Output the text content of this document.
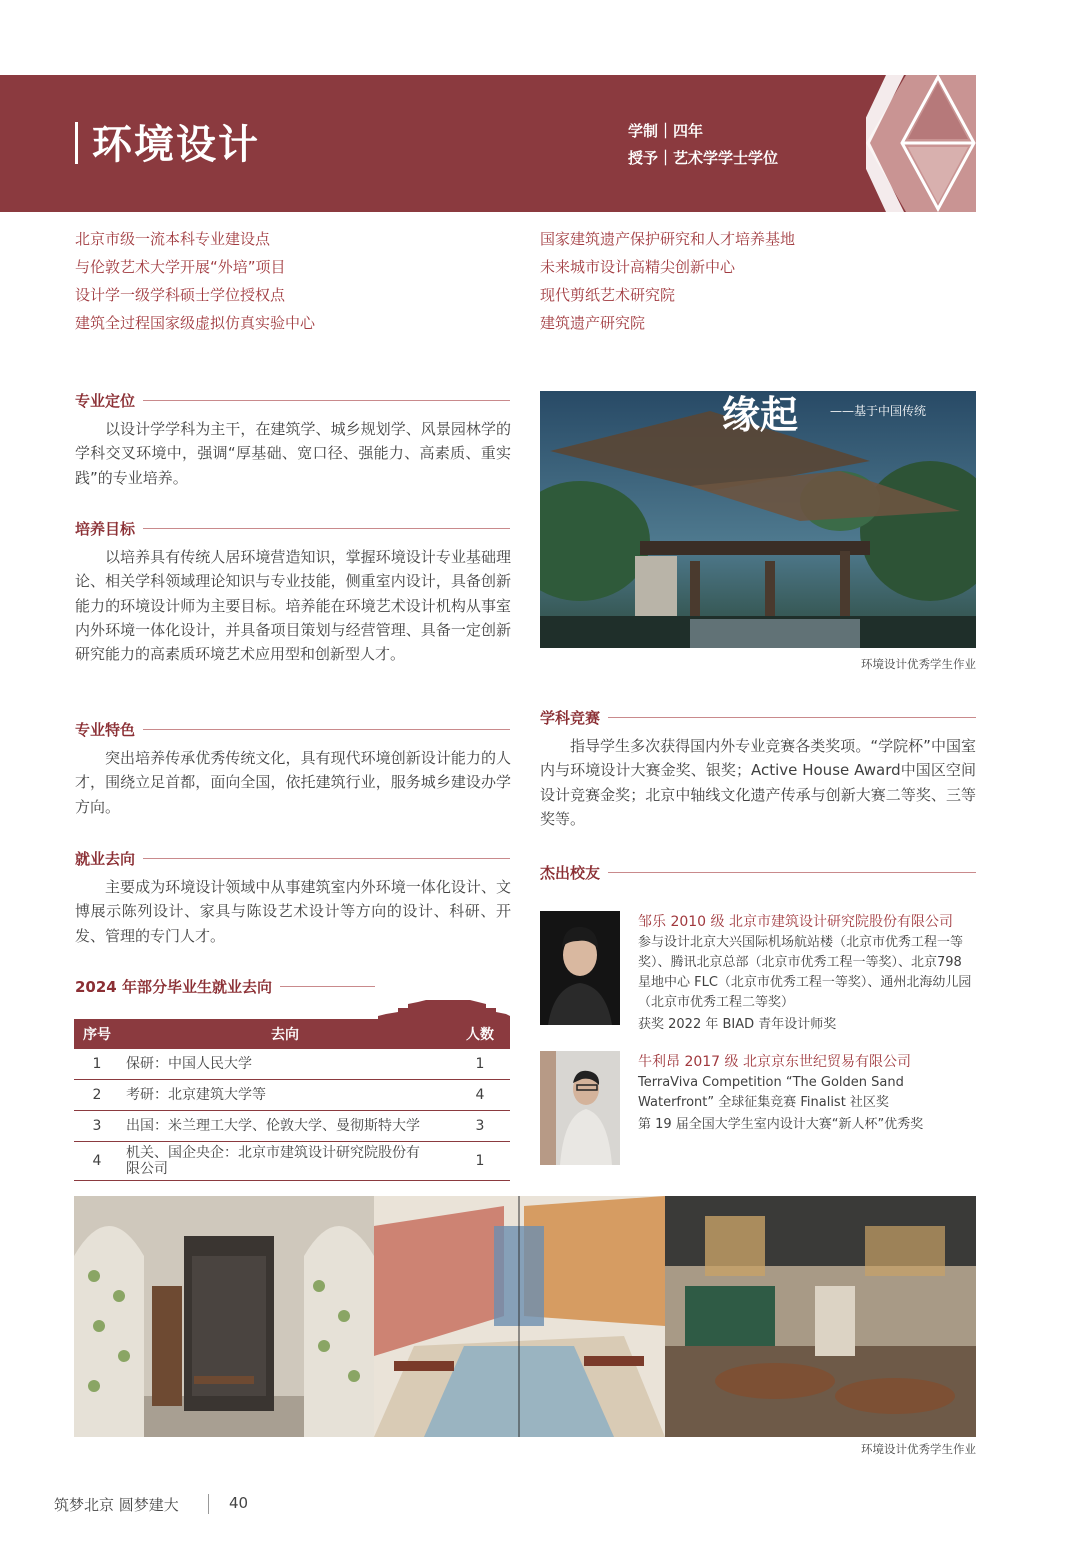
环境设计	学制｜四年
授予｜艺术学学士学位
北京市级一流本科专业建设点
与伦敦艺术大学开展“外培”项目
设计学一级学科硕士学位授权点
建筑全过程国家级虚拟仿真实验中心
国家建筑遗产保护研究和人才培养基地
未来城市设计高精尖创新中心
现代剪纸艺术研究院
建筑遗产研究院
专业定位
以设计学学科为主干，在建筑学、城乡规划学、风景园林学的学科交叉环境中，强调“厚基础、宽口径、强能力、高素质、重实践”的专业培养。
培养目标
以培养具有传统人居环境营造知识，掌握环境设计专业基础理论、相关学科领域理论知识与专业技能，侧重室内设计，具备创新能力的环境设计师为主要目标。培养能在环境艺术设计机构从事室内外环境一体化设计，并具备项目策划与经营管理、具备一定创新研究能力的高素质环境艺术应用型和创新型人才。
专业特色
突出培养传承优秀传统文化，具有现代环境创新设计能力的人才，围绕立足首都，面向全国，依托建筑行业，服务城乡建设办学方向。
就业去向
主要成为环境设计领域中从事建筑室内外环境一体化设计、文博展示陈列设计、家具与陈设艺术设计等方向的设计、科研、开发、管理的专门人才。
2024 年部分毕业生就业去向
序号	去向	人数
1	保研：中国人民大学	1
2	考研：北京建筑大学等	4
3	出国：米兰理工大学、伦敦大学、曼彻斯特大学	3
4	机关、国企央企：北京市建筑设计研究院股份有限公司	1
缘起	——基于中国传统
环境设计优秀学生作业
学科竞赛
指导学生多次获得国内外专业竞赛各类奖项。“学院杯”中国室内与环境设计大赛金奖、银奖；Active House Award中国区空间设计竞赛金奖；北京中轴线文化遗产传承与创新大赛二等奖、三等奖等。
杰出校友
邹乐 2010 级 北京市建筑设计研究院股份有限公司
参与设计北京大兴国际机场航站楼（北京市优秀工程一等奖）、腾讯北京总部（北京市优秀工程一等奖）、北京798 星地中心 FLC（北京市优秀工程一等奖）、通州北海幼儿园（北京市优秀工程二等奖）
获奖 2022 年 BIAD 青年设计师奖
牛利昂 2017 级 北京京东世纪贸易有限公司
TerraViva Competition “The Golden Sand Waterfront” 全球征集竞赛 Finalist 社区奖
第 19 届全国大学生室内设计大赛“新人杯”优秀奖
环境设计优秀学生作业
筑梦北京 圆梦建大	40
